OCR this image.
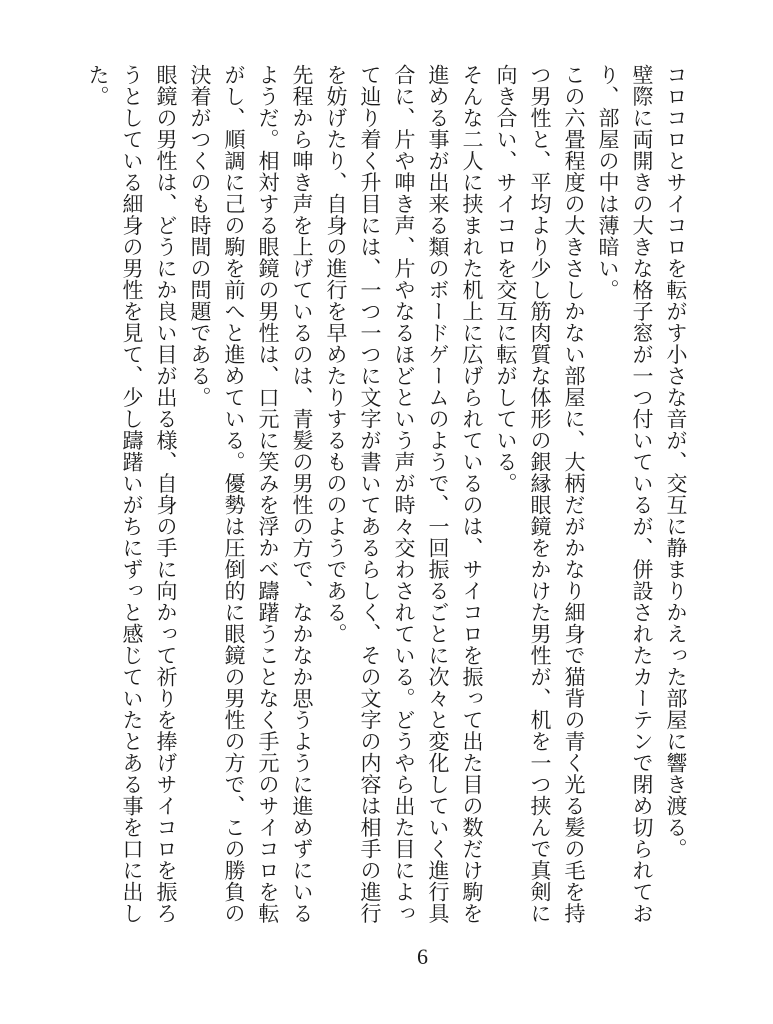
コロコロとサイコロを転がす小さな音が、交互に静まりかえった部屋に響き渡る。

壁際に両開きの大きな格子窓が一つ付いているが、併設されたカーテンで閉め切られており、部屋の中は薄暗い。

この六畳程度の大きさしかない部屋に、大柄だがかなり細身で猫背の青く光る髪の毛を持つ男性と、平均より少し筋肉質な体形の銀縁眼鏡をかけた男性が、机を一つ挟んで真剣に向き合い、サイコロを交互に転がしている。

そんな二人に挟まれた机上に広げられているのは、サイコロを振って出た目の数だけ駒を進める事が出来る類のボードゲームのようで、一回振るごとに次々と変化していく進行具合に、片や呻き声、片やなるほどという声が時々交わされている。どうやら出た目によって辿り着く升目には、一つ一つに文字が書いてあるらしく、その文字の内容は相手の進行を妨げたり、自身の進行を早めたりするもののようである。

先程から呻き声を上げているのは、青髪の男性の方で、なかなか思うように進めずにいるようだ。相対する眼鏡の男性は、口元に笑みを浮かべ躊躇うことなく手元のサイコロを転がし、順調に己の駒を前へと進めている。優勢は圧倒的に眼鏡の男性の方で、この勝負の決着がつくのも時間の問題である。

眼鏡の男性は、どうにか良い目が出る様、自身の手に向かって祈りを捧げサイコロを振ろうとしている細身の男性を見て、少し躊躇いがちにずっと感じていたとある事を口に出した。

6
